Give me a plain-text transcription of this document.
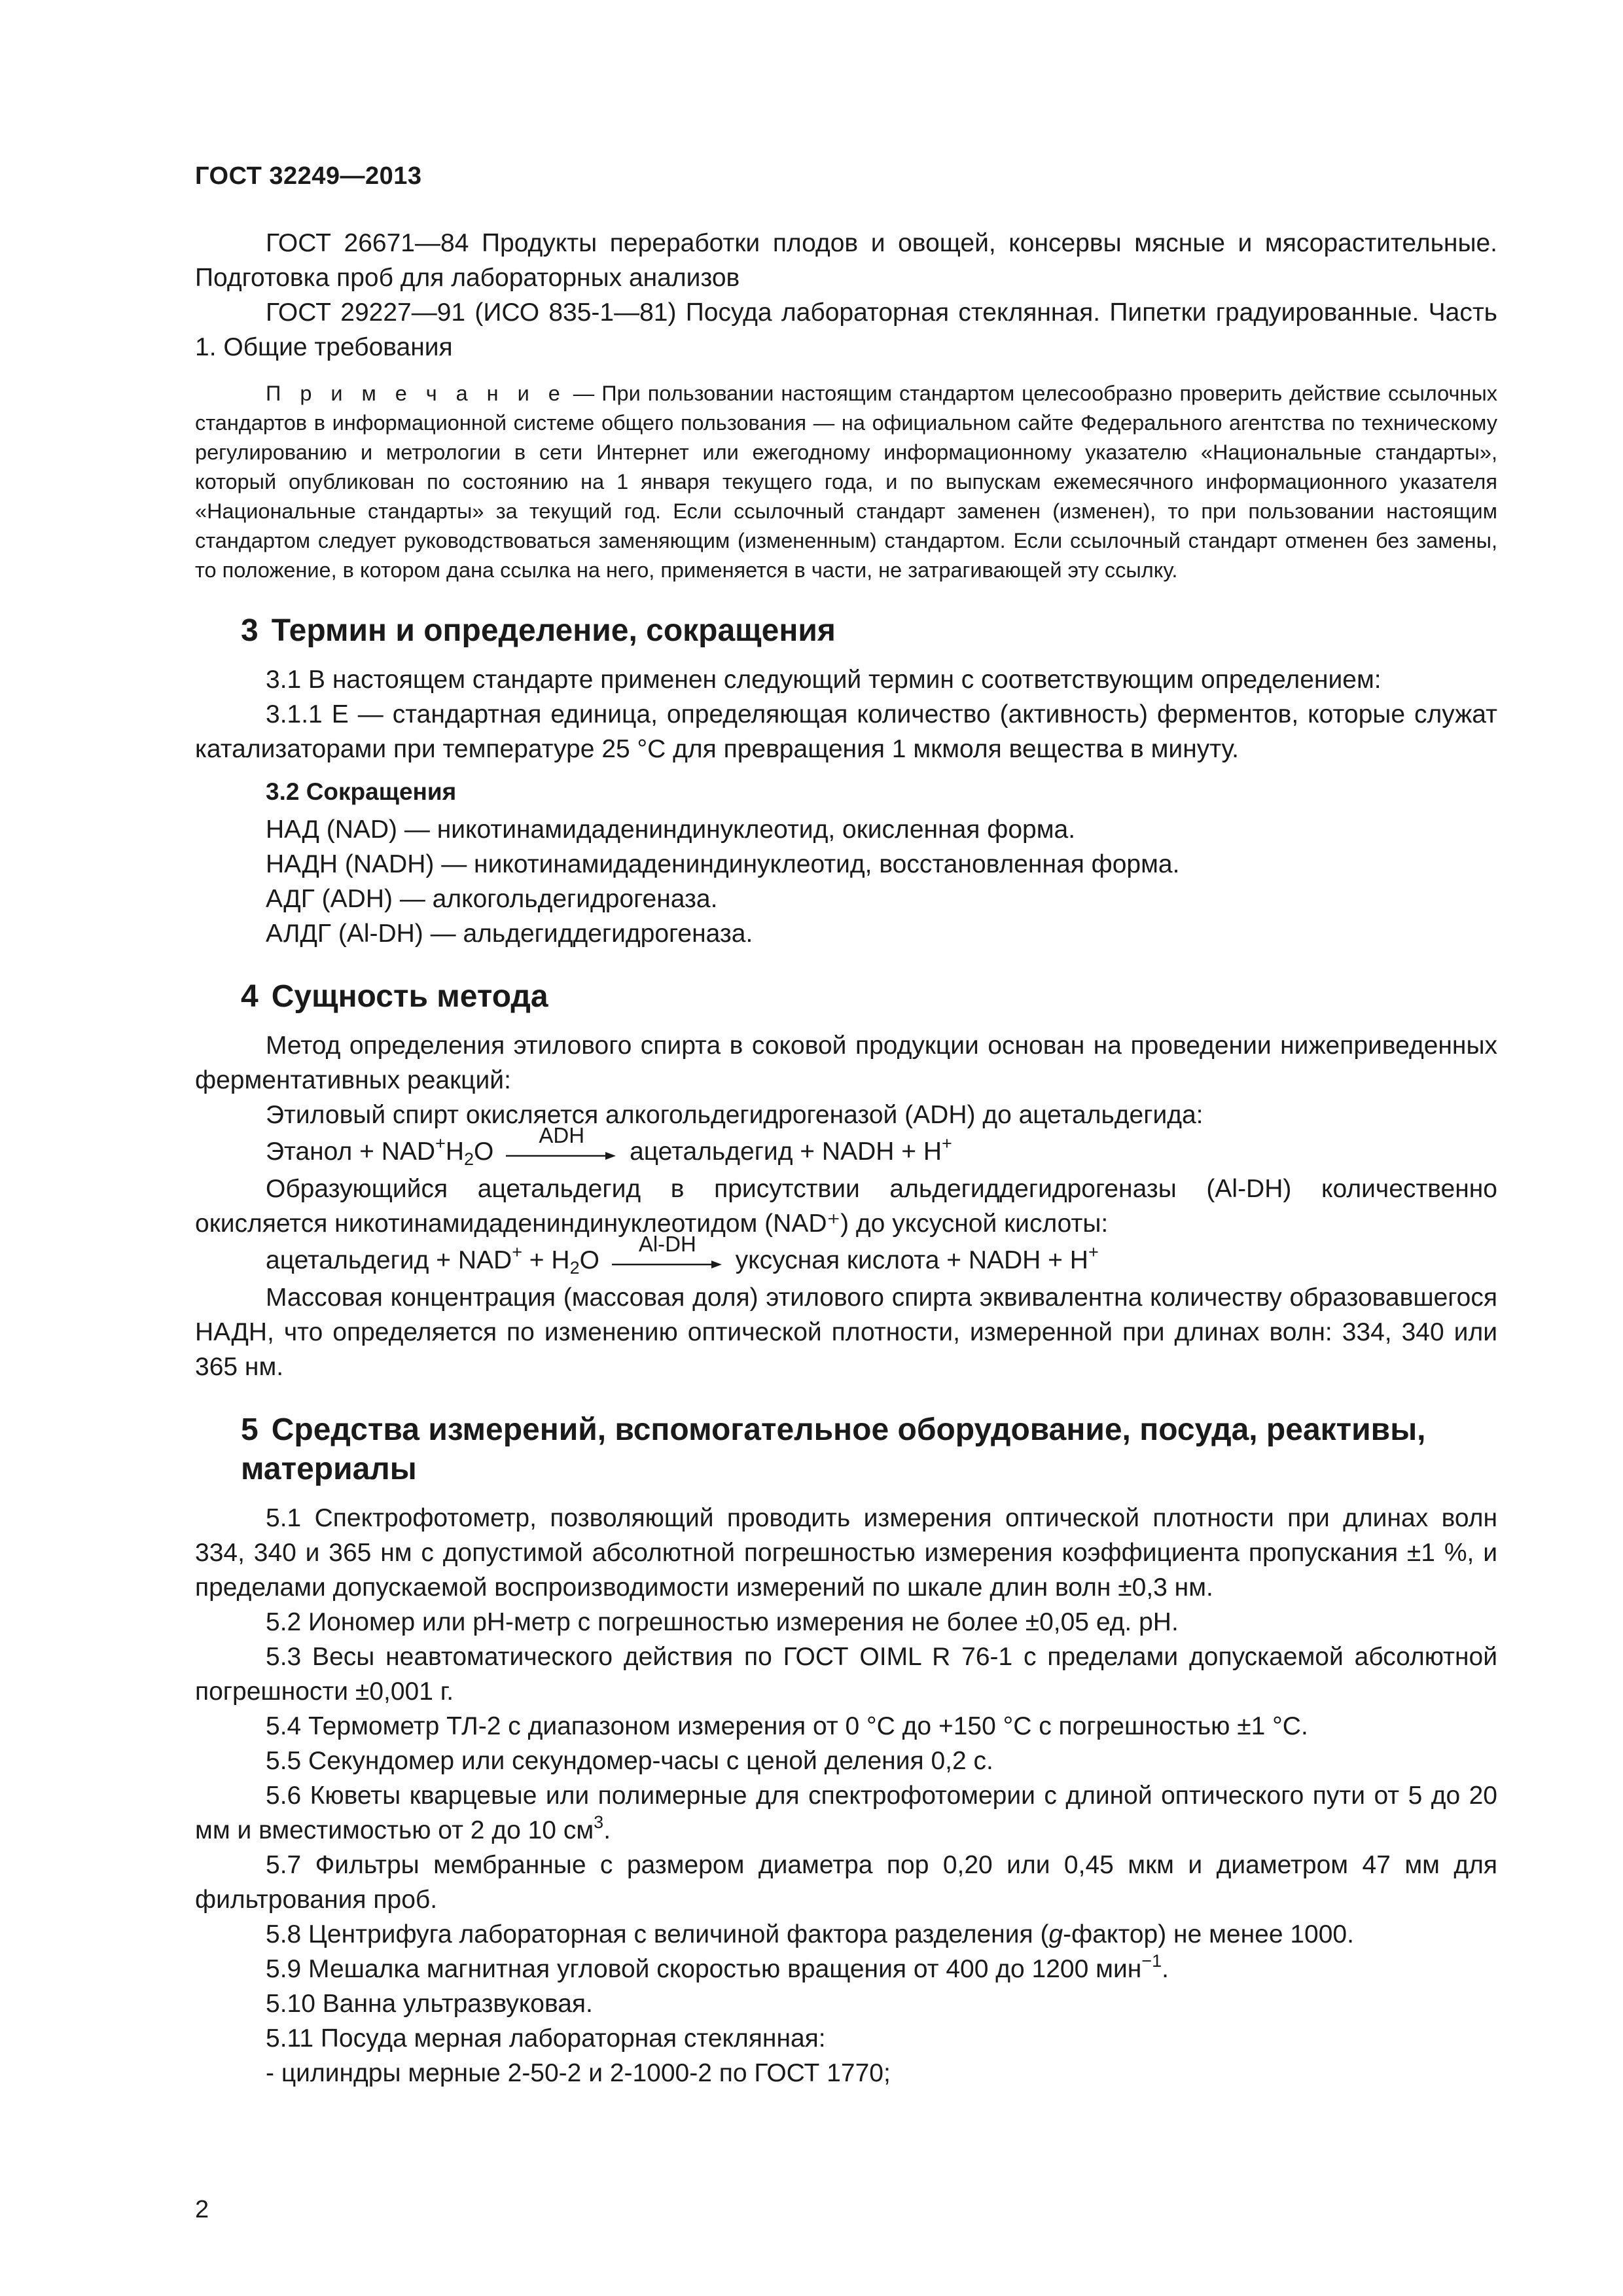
ГОСТ 32249—2013

ГОСТ 26671—84 Продукты переработки плодов и овощей, консервы мясные и мясорастительные. Подготовка проб для лабораторных анализов

ГОСТ 29227—91 (ИСО 835-1—81) Посуда лабораторная стеклянная. Пипетки градуированные. Часть 1. Общие требования

П р и м е ч а н и е — При пользовании настоящим стандартом целесообразно проверить действие ссылочных стандартов в информационной системе общего пользования — на официальном сайте Федерального агентства по техническому регулированию и метрологии в сети Интернет или ежегодному информационному указателю «Национальные стандарты», который опубликован по состоянию на 1 января текущего года, и по выпускам ежемесячного информационного указателя «Национальные стандарты» за текущий год. Если ссылочный стандарт заменен (изменен), то при пользовании настоящим стандартом следует руководствоваться заменяющим (измененным) стандартом. Если ссылочный стандарт отменен без замены, то положение, в котором дана ссылка на него, применяется в части, не затрагивающей эту ссылку.

3 Термин и определение, сокращения

3.1 В настоящем стандарте применен следующий термин с соответствующим определением:

3.1.1 Е — стандартная единица, определяющая количество (активность) ферментов, которые служат катализаторами при температуре 25 °С для превращения 1 мкмоля вещества в минуту.

3.2 Сокращения
НАД (NAD) — никотинамидадениндинуклеотид, окисленная форма.
НАДН (NADH) — никотинамидадениндинуклеотид, восстановленная форма.
АДГ (ADH) — алкогольдегидрогеназа.
АЛДГ (Al-DH) — альдегиддегидрогеназа.
4 Сущность метода

Метод определения этилового спирта в соковой продукции основан на проведении нижеприведенных ферментативных реакций:

Этиловый спирт окисляется алкогольдегидрогеназой (ADH) до ацетальдегида:

Этанол + $NAD^+H_2O$
ADH
ацетальдегид + NADH + H+

Образующийся ацетальдегид в присутствии альдегиддегидрогеназы (Al-DH) количественно окисляется никотинамидадениндинуклеотидом (NAD⁺) до уксусной кислоты:

ацетальдегид + $NAD^+ + H_2O$
Al-DH
уксусная кислота + NADH + H+

Массовая концентрация (массовая доля) этилового спирта эквивалентна количеству образовавшегося НАДН, что определяется по изменению оптической плотности, измеренной при длинах волн: 334, 340 или 365 нм.

5 Средства измерений, вспомогательное оборудование, посуда, реактивы, материалы

5.1 Спектрофотометр, позволяющий проводить измерения оптической плотности при длинах волн 334, 340 и 365 нм с допустимой абсолютной погрешностью измерения коэффициента пропускания ±1 %, и пределами допускаемой воспроизводимости измерений по шкале длин волн ±0,3 нм.

5.2 Иономер или рН-метр с погрешностью измерения не более ±0,05 ед. рН.

5.3 Весы неавтоматического действия по ГОСТ OIML R 76-1 с пределами допускаемой абсолютной погрешности ±0,001 г.

5.4 Термометр ТЛ-2 с диапазоном измерения от 0 °С до +150 °С с погрешностью ±1 °С.

5.5 Секундомер или секундомер-часы с ценой деления 0,2 с.

5.6 Кюветы кварцевые или полимерные для спектрофотомерии с длиной оптического пути от 5 до 20 мм и вместимостью от 2 до 10 $см^3$.

5.7 Фильтры мембранные с размером диаметра пор 0,20 или 0,45 мкм и диаметром 47 мм для фильтрования проб.

5.8 Центрифуга лабораторная с величиной фактора разделения (g-фактор) не менее 1000.

5.9 Мешалка магнитная угловой скоростью вращения от 400 до 1200 мин$^{-1}$.

5.10 Ванна ультразвуковая.

5.11 Посуда мерная лабораторная стеклянная:

- цилиндры мерные 2-50-2 и 2-1000-2 по ГОСТ 1770;
2
